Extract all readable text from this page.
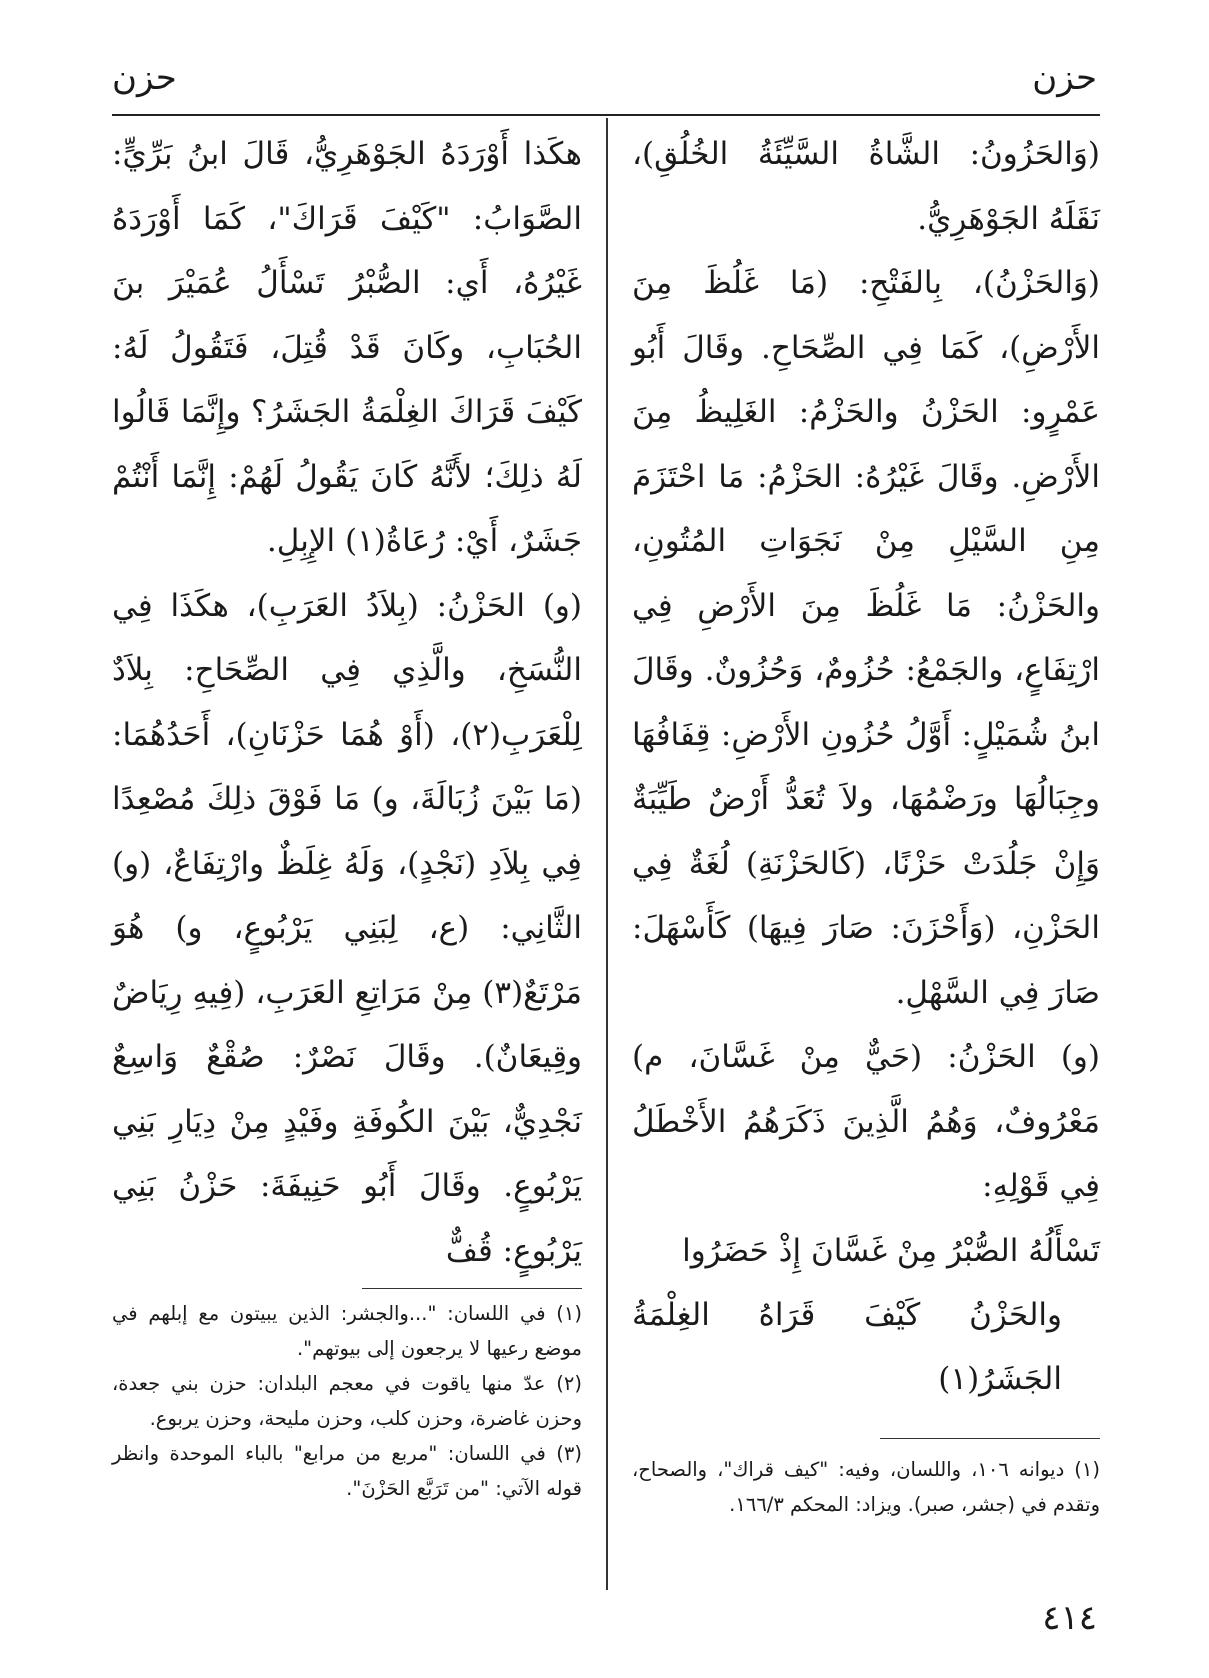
حزن
حزن

(وَالحَزُونُ: الشَّاةُ السَّيِّئَةُ الخُلُقِ)، نَقَلَهُ الجَوْهَرِيُّ.

(وَالحَزْنُ)، بِالفَتْحِ: (مَا غَلُظَ مِنَ الأَرْضِ)، كَمَا فِي الصِّحَاحِ. وقَالَ أَبُو عَمْرٍو: الحَزْنُ والحَزْمُ: الغَلِيظُ مِنَ الأَرْضِ. وقَالَ غَيْرُهُ: الحَزْمُ: مَا احْتَزَمَ مِنِ السَّيْلِ مِنْ نَجَوَاتِ المُتُونِ، والحَزْنُ: مَا غَلُظَ مِنَ الأَرْضِ فِي ارْتِفَاعٍ، والجَمْعُ: حُزُومٌ، وَحُزُونٌ. وقَالَ ابنُ شُمَيْلٍ: أَوَّلُ حُزُونِ الأَرْضِ: قِفَافُهَا وجِبَالُهَا ورَضْمُهَا، ولاَ تُعَدُّ أَرْضٌ طَيِّبَةٌ وَإِنْ جَلُدَتْ حَزْنًا، (كَالحَزْنَةِ) لُغَةٌ فِي الحَزْنِ، (وَأَحْزَنَ: صَارَ فِيهَا) كَأَسْهَلَ: صَارَ فِي السَّهْلِ.

(و) الحَزْنُ: (حَيٌّ مِنْ غَسَّانَ، م) مَعْرُوفٌ، وَهُمُ الَّذِينَ ذَكَرَهُمُ الأَخْطَلُ فِي قَوْلِهِ:

تَسْأَلُهُ الصُّبْرُ مِنْ غَسَّانَ إِذْ حَضَرُوا
والحَزْنُ كَيْفَ قَرَاهُ الغِلْمَةُ الجَشَرُ(١)

هكَذا أَوْرَدَهُ الجَوْهَرِيُّ، قَالَ ابنُ بَرِّيٍّ: الصَّوَابُ: "كَيْفَ قَرَاكَ"، كَمَا أَوْرَدَهُ غَيْرُهُ، أَي: الصُّبْرُ تَسْأَلُ عُمَيْرَ بنَ الحُبَابِ، وكَانَ قَدْ قُتِلَ، فَتَقُولُ لَهُ: كَيْفَ قَرَاكَ الغِلْمَةُ الجَشَرُ؟ وإِنَّمَا قَالُوا لَهُ ذلِكَ؛ لأَنَّهُ كَانَ يَقُولُ لَهُمْ: إِنَّمَا أَنْتُمْ جَشَرٌ، أَيْ: رُعَاةُ(١) الإِبِلِ.

(و) الحَزْنُ: (بِلاَدُ العَرَبِ)، هكَذَا فِي النُّسَخِ، والَّذِي فِي الصِّحَاحِ: بِلاَدٌ لِلْعَرَبِ(٢)، (أَوْ هُمَا حَزْنَانِ)، أَحَدُهُمَا: (مَا بَيْنَ زُبَالَةَ، و) مَا فَوْقَ ذلِكَ مُصْعِدًا فِي بِلاَدِ (نَجْدٍ)، وَلَهُ غِلَظٌ وارْتِفَاعٌ، (و) الثَّانِي: (ع، لِبَنِي يَرْبُوعٍ، و) هُوَ مَرْتَعٌ(٣) مِنْ مَرَاتِعِ العَرَبِ، (فِيهِ رِيَاضٌ وقِيعَانٌ). وقَالَ نَصْرٌ: صُقْعٌ وَاسِعٌ نَجْدِيٌّ، بَيْنَ الكُوفَةِ وفَيْدٍ مِنْ دِيَارِ بَنِي يَرْبُوعٍ. وقَالَ أَبُو حَنِيفَةَ: حَزْنُ بَنِي يَرْبُوعٍ: قُفٌّ

(١) ديوانه ١٠٦، واللسان، وفيه: "كيف قراك"، والصحاح، وتقدم في (جشر، صبر). ويزاد: المحكم ١٦٦/٣.

(١) في اللسان: "...والجشر: الذين يبيتون مع إبلهم في موضع رعيها لا يرجعون إلى بيوتهم".

(٢) عدّ منها ياقوت في معجم البلدان: حزن بني جعدة، وحزن غاضرة، وحزن كلب، وحزن مليحة، وحزن يربوع.

(٣) في اللسان: "مربع من مرابع" بالباء الموحدة وانظر قوله الآتي: "من تَرَبَّع الحَزْنَ".

٤١٤
